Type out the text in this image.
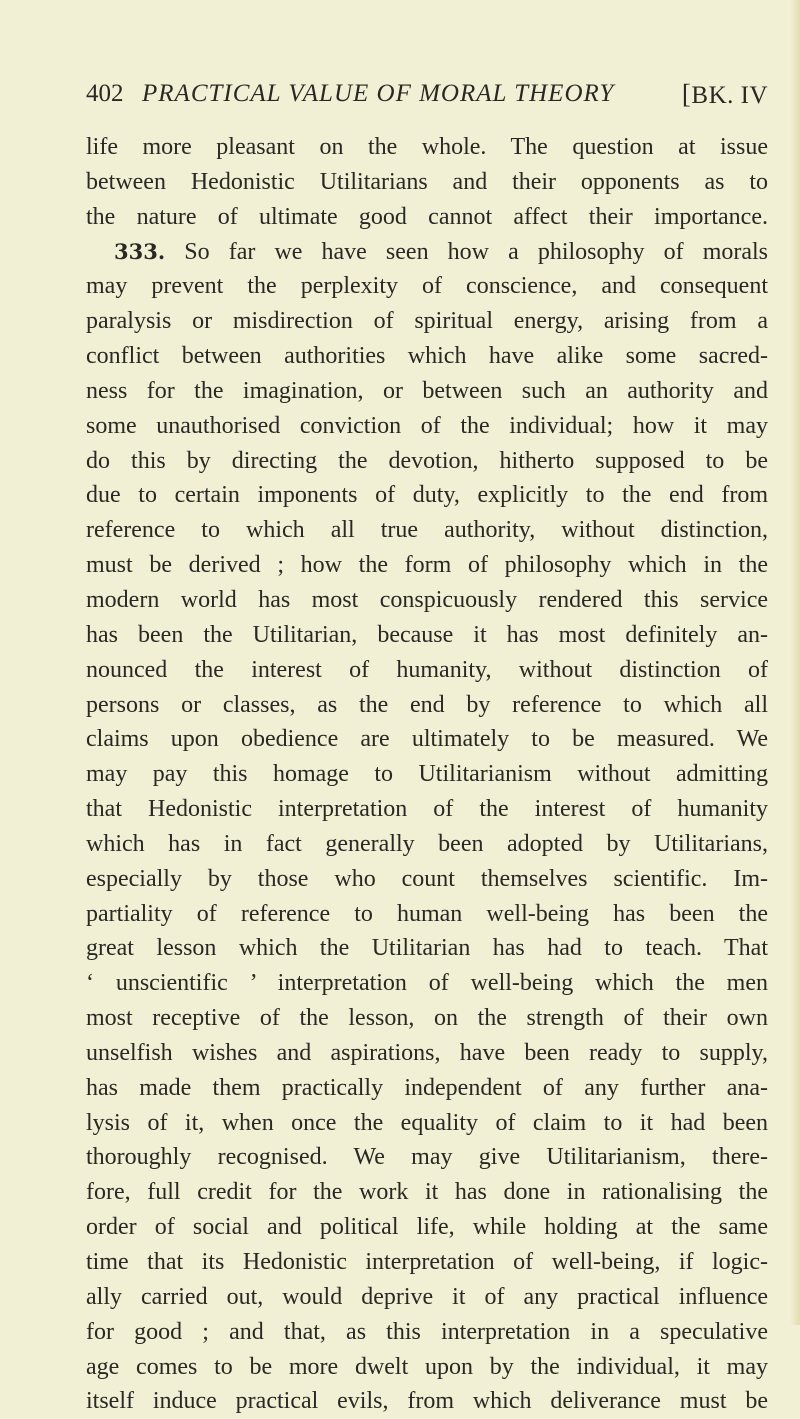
402 PRACTICAL VALUE OF MORAL THEORY	[BK. IV
life more pleasant on the whole. The question at issue
between Hedonistic Utilitarians and their opponents as to
the nature of ultimate good cannot affect their importance.
333. So far we have seen how a philosophy of morals
may prevent the perplexity of conscience, and consequent
paralysis or misdirection of spiritual energy, arising from a
conflict between authorities which have alike some sacred-
ness for the imagination, or between such an authority and
some unauthorised conviction of the individual; how it may
do this by directing the devotion, hitherto supposed to be
due to certain imponents of duty, explicitly to the end from
reference to which all true authority, without distinction,
must be derived ; how the form of philosophy which in the
modern world has most conspicuously rendered this service
has been the Utilitarian, because it has most definitely an-
nounced the interest of humanity, without distinction of
persons or classes, as the end by reference to which all
claims upon obedience are ultimately to be measured. We
may pay this homage to Utilitarianism without admitting
that Hedonistic interpretation of the interest of humanity
which has in fact generally been adopted by Utilitarians,
especially by those who count themselves scientific. Im-
partiality of reference to human well-being has been the
great lesson which the Utilitarian has had to teach. That
‘ unscientific ’ interpretation of well-being which the men
most receptive of the lesson, on the strength of their own
unselfish wishes and aspirations, have been ready to supply,
has made them practically independent of any further ana-
lysis of it, when once the equality of claim to it had been
thoroughly recognised. We may give Utilitarianism, there-
fore, full credit for the work it has done in rationalising the
order of social and political life, while holding at the same
time that its Hedonistic interpretation of well-being, if logic-
ally carried out, would deprive it of any practical influence
for good ; and that, as this interpretation in a speculative
age comes to be more dwelt upon by the individual, it may
itself induce practical evils, from which deliverance must be
